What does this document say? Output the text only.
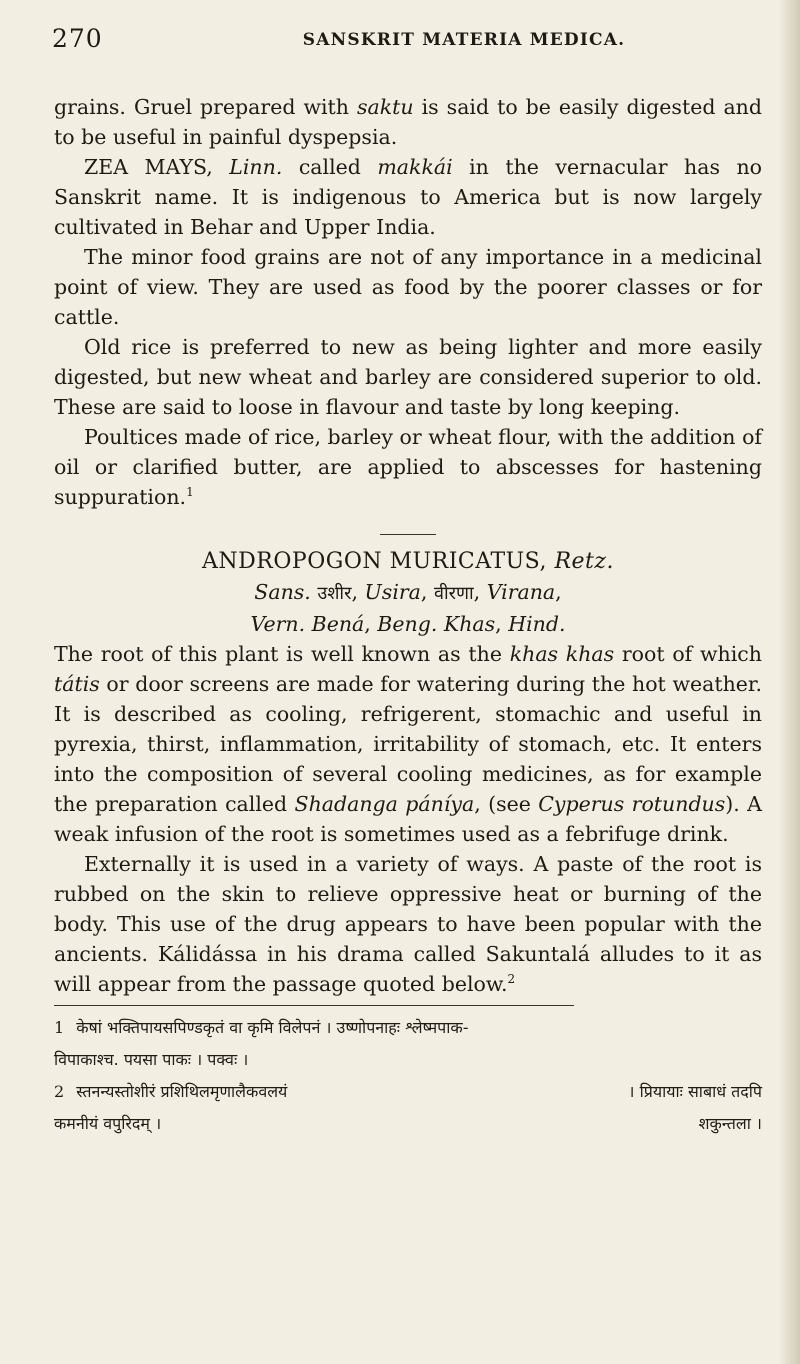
270	SANSKRIT MATERIA MEDICA.

grains. Gruel prepared with saktu is said to be easily digested and to be useful in painful dyspepsia.

ZEA MAYS, Linn. called makkái in the vernacular has no Sanskrit name. It is indigenous to America but is now largely cultivated in Behar and Upper India.

The minor food grains are not of any importance in a medicinal point of view. They are used as food by the poorer classes or for cattle.

Old rice is preferred to new as being lighter and more easily digested, but new wheat and barley are considered superior to old. These are said to loose in flavour and taste by long keeping.

Poultices made of rice, barley or wheat flour, with the addition of oil or clarified butter, are applied to abscesses for hastening suppuration.$^1$

ANDROPOGON MURICATUS, Retz.

Sans. उशीर, Usira, वीरणा, Virana,

Vern. Bená, Beng. Khas, Hind.

The root of this plant is well known as the khas khas root of which tátis or door screens are made for watering during the hot weather. It is described as cooling, refrigerent, stomachic and useful in pyrexia, thirst, inflammation, irritability of stomach, etc. It enters into the composition of several cooling medicines, as for example the preparation called Shadanga páníya, (see Cyperus rotundus). A weak infusion of the root is sometimes used as a febrifuge drink.

Externally it is used in a variety of ways. A paste of the root is rubbed on the skin to relieve oppressive heat or burning of the body. This use of the drug appears to have been popular with the ancients. Kálidássa in his drama called Sakuntalá alludes to it as will appear from the passage quoted below.$^2$

1 केषां भक्तिपायसपिण्डकृतं वा कृमि विलेपनं । उष्णोपनाहः श्लेष्मपाक-
विपाकाश्च. पयसा पाकः । पक्वः ।
2 स्तनन्यस्तोशीरं प्रशिथिलमृणालैकवलयं	। प्रियायाः साबाधं तदपि
कमनीयं वपुरिदम् ।	शकुन्तला ।
